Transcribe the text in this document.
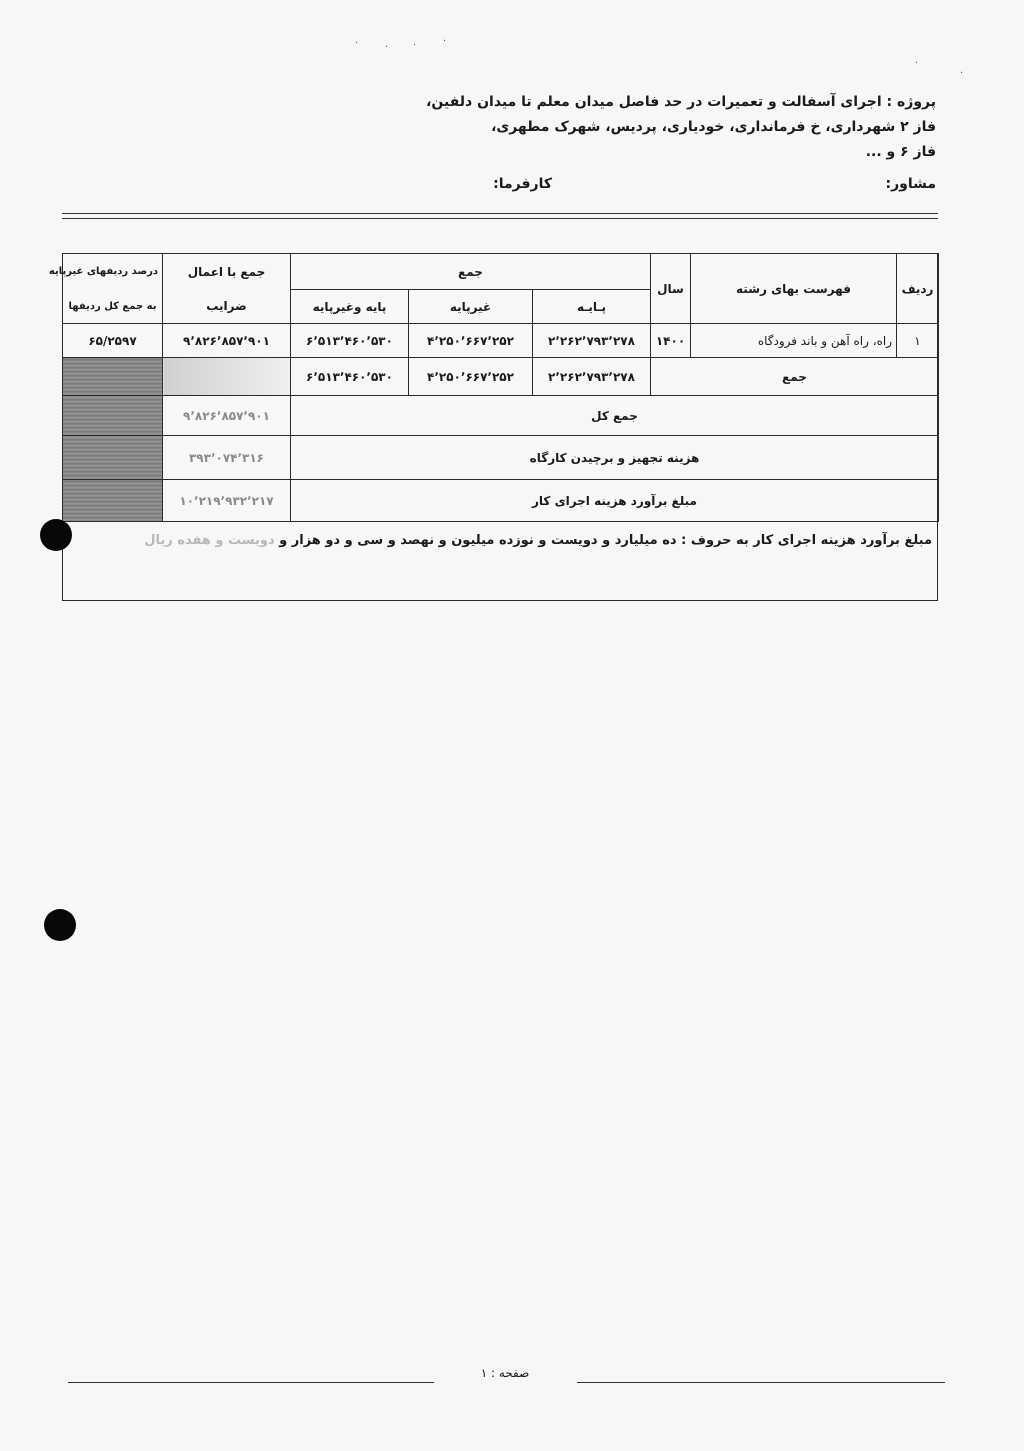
·	· ·	·
·
·
پروژه : اجرای آسفالت و تعمیرات در حد فاصل میدان معلم تا میدان دلفین،
فاز ۲ شهرداری، خ فرمانداری، خودیاری، پردیس، شهرک مطهری،
فاز ۶ و ...
مشاور:
کارفرما:
ردیف	فهرست بهای رشته	سال	جمع			جمع با اعمال	درصد ردیفهای غیرپایه
			پـایـه	غیرپایه	پایه وغیرپایه	ضرایب	به جمع کل ردیفها
۱	راه، راه آهن و باند فرودگاه	۱۴۰۰	۲٬۲۶۲٬۷۹۳٬۲۷۸	۴٬۲۵۰٬۶۶۷٬۲۵۲	۶٬۵۱۳٬۴۶۰٬۵۳۰	۹٬۸۲۶٬۸۵۷٬۹۰۱	۶۵/۲۵۹۷
جمع			۲٬۲۶۲٬۷۹۳٬۲۷۸	۴٬۲۵۰٬۶۶۷٬۲۵۲	۶٬۵۱۳٬۴۶۰٬۵۳۰		
جمع کل						۹٬۸۲۶٬۸۵۷٬۹۰۱	
هزینه تجهیز و برچیدن کارگاه						۳۹۳٬۰۷۴٬۳۱۶	
مبلغ برآورد هزینه اجرای کار						۱۰٬۲۱۹٬۹۳۲٬۲۱۷	
مبلغ برآورد هزینه اجرای کار به حروف : ده میلیارد و دویست و نوزده میلیون و نهصد و سی و دو هزار و دویست و هفده ریال
صفحه : ۱
